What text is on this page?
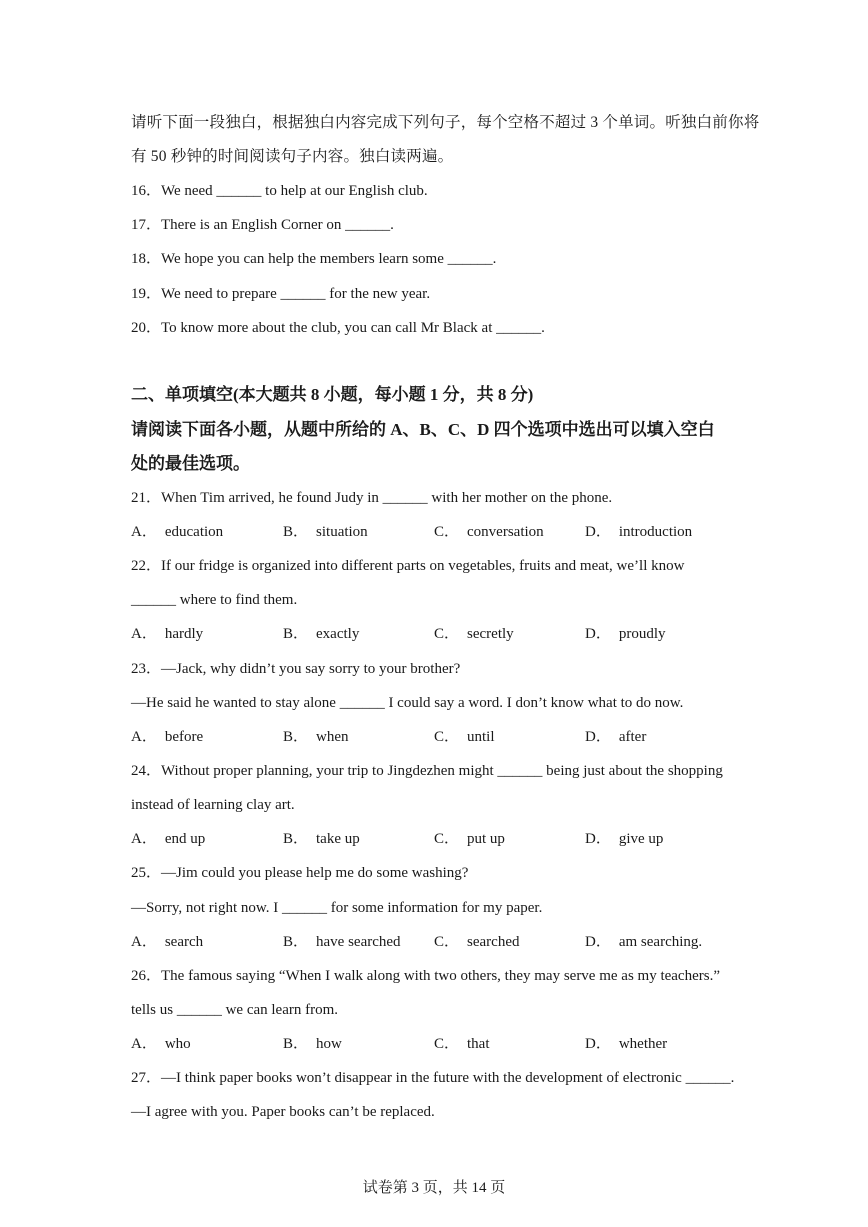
请听下面一段独白，根据独白内容完成下列句子，每个空格不超过 3 个单词。听独白前你将
有 50 秒钟的时间阅读句子内容。独白读两遍。
16．We need ______ to help at our English club.
17．There is an English Corner on ______.
18．We hope you can help the members learn some ______.
19．We need to prepare ______ for the new year.
20．To know more about the club, you can call Mr Black at ______.
二、单项填空(本大题共 8 小题，每小题 1 分，共 8 分)
请阅读下面各小题，从题中所给的 A、B、C、D 四个选项中选出可以填入空白
处的最佳选项。
21．When Tim arrived, he found Judy in ______ with her mother on the phone.
A． education	B． situation	C． conversation	D． introduction
22．If our fridge is organized into different parts on vegetables, fruits and meat, we’ll know
______ where to find them.
A． hardly	B． exactly	C． secretly	D． proudly
23．—Jack, why didn’t you say sorry to your brother?
—He said he wanted to stay alone ______ I could say a word. I don’t know what to do now.
A． before	B． when	C． until	D． after
24．Without proper planning, your trip to Jingdezhen might ______ being just about the shopping
instead of learning clay art.
A． end up	B． take up	C． put up	D． give up
25．—Jim could you please help me do some washing?
—Sorry, not right now. I ______ for some information for my paper.
A． search	B． have searched C． searched	D． am searching.
26．The famous saying “When I walk along with two others, they may serve me as my teachers.”
tells us ______ we can learn from.
A． who	B． how	C． that	D． whether
27．—I think paper books won’t disappear in the future with the development of electronic ______.
—I agree with you. Paper books can’t be replaced.
试卷第 3 页，共 14 页
